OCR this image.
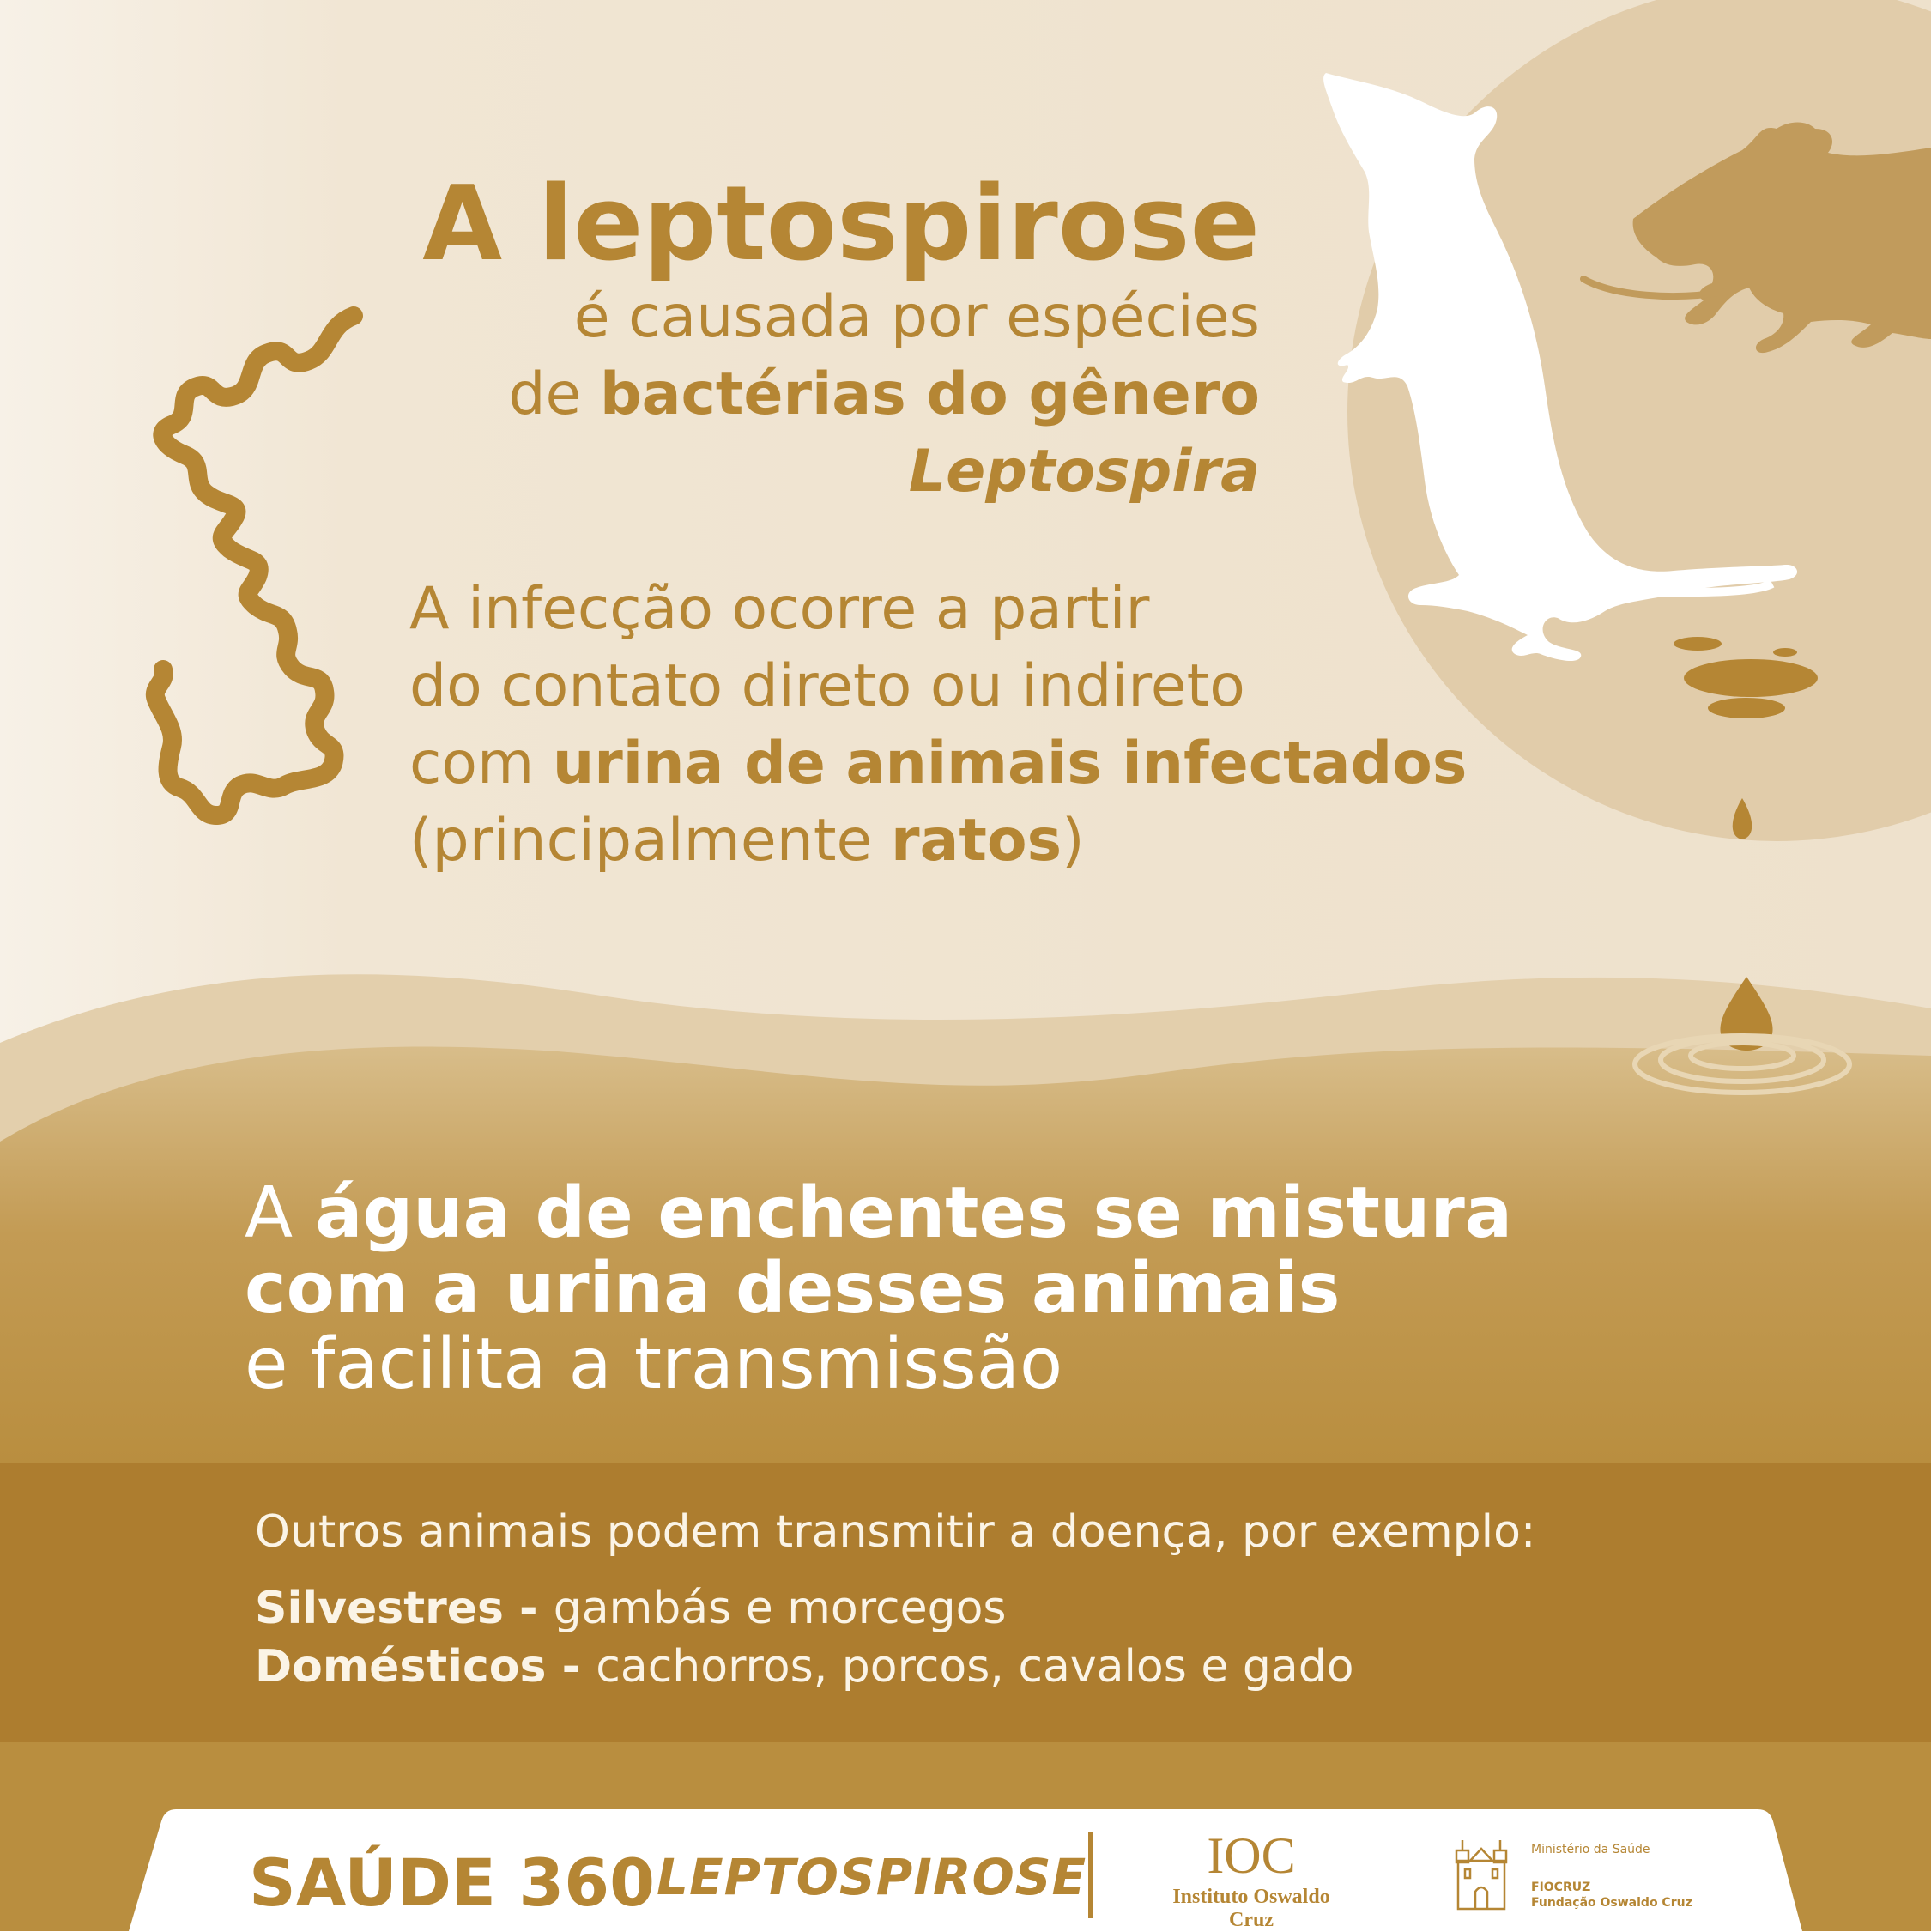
A leptospirose

é causada por espécies
de bactérias do gênero
Leptospira

A infecção ocorre a partir
do contato direto ou indireto
com urina de animais infectados
(principalmente ratos)

A água de enchentes se mistura
com a urina desses animais
e facilita a transmissão

Outros animais podem transmitir a doença, por exemplo:

Silvestres - gambás e morcegos

Domésticos - cachorros, porcos, cavalos e gado

SAÚDE 360 LEPTOSPIROSE	IOC
Instituto Oswaldo Cruz
Ministério da Saúde
FIOCRUZ
Fundação Oswaldo Cruz
